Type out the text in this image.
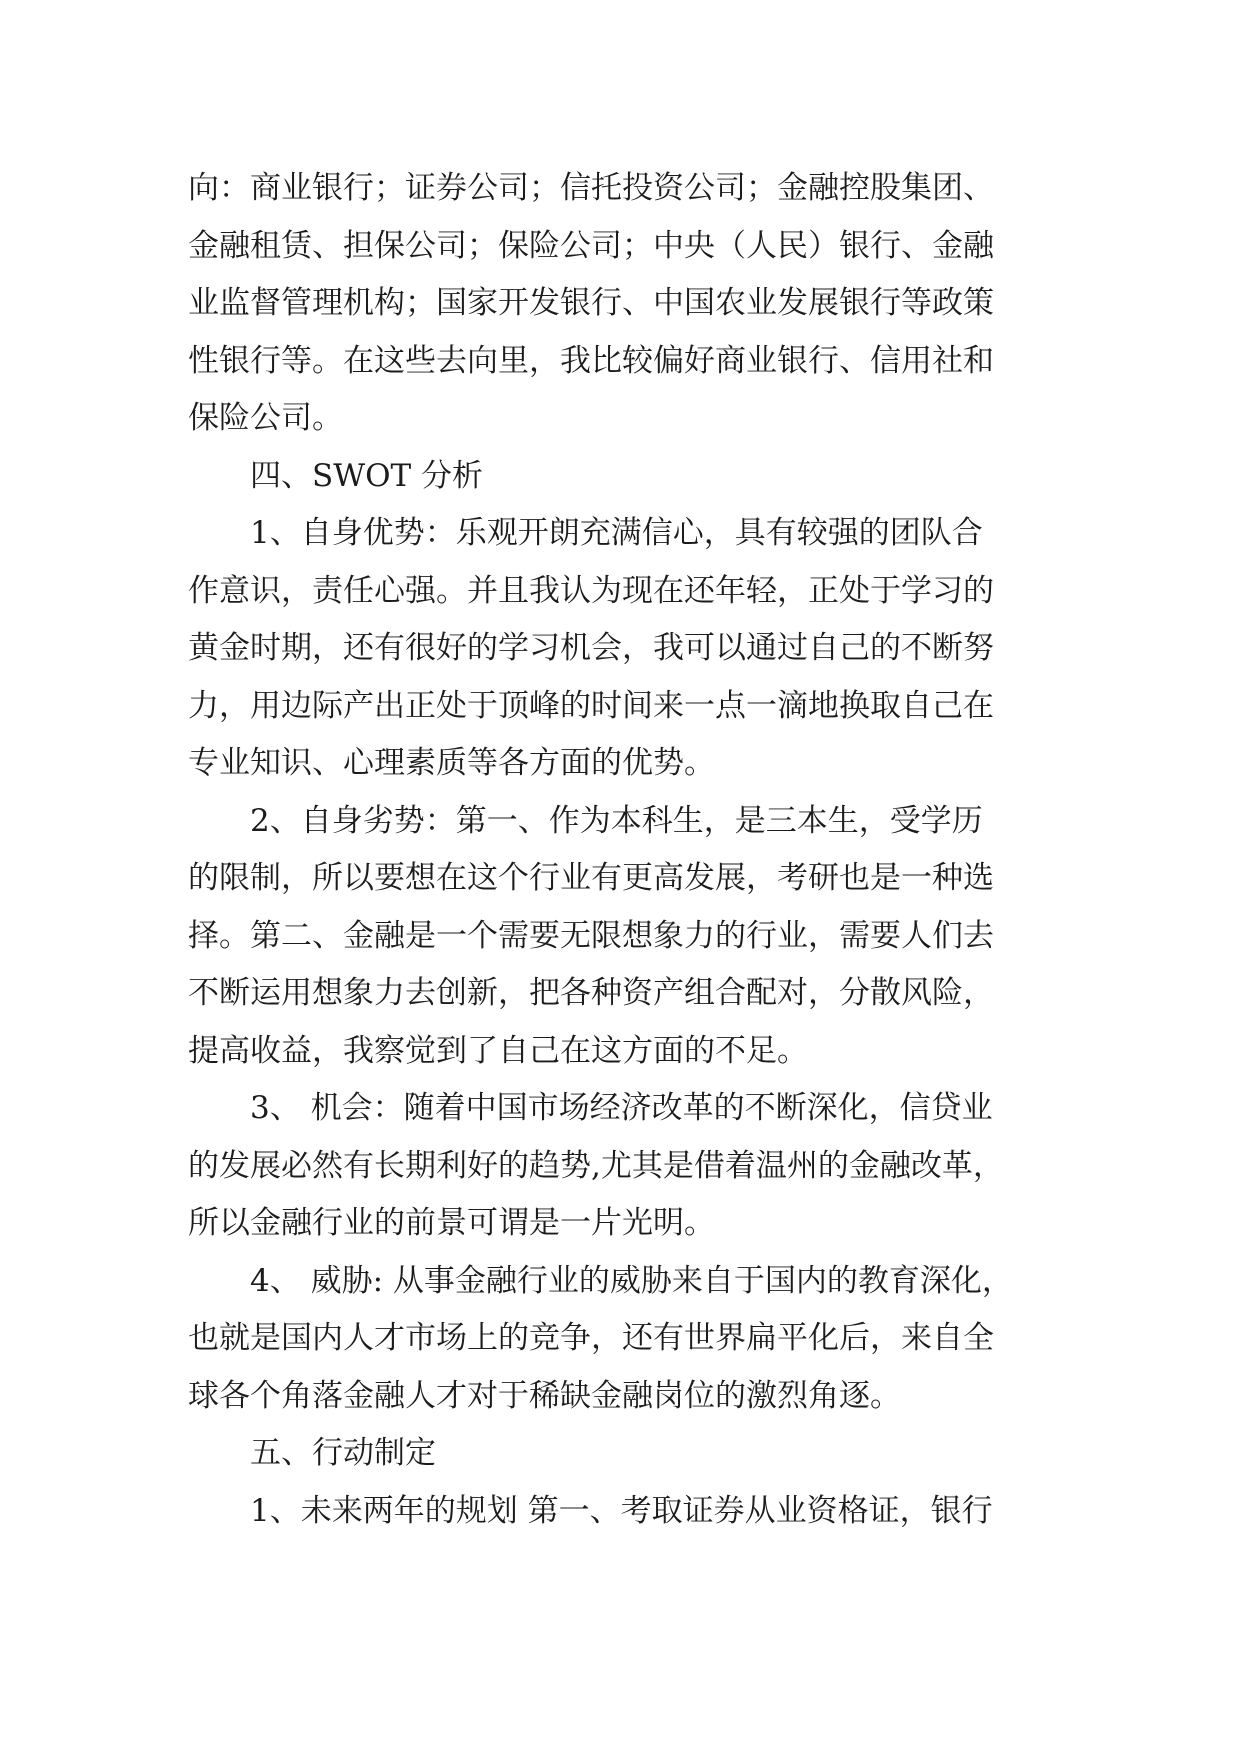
向：商业银行；证券公司；信托投资公司；金融控股集团、
金融租赁、担保公司；保险公司；中央（人民）银行、金融
业监督管理机构；国家开发银行、中国农业发展银行等政策
性银行等。在这些去向里，我比较偏好商业银行、信用社和
保险公司。
四、SWOT 分析
1、自身优势：乐观开朗充满信心，具有较强的团队合
作意识，责任心强。并且我认为现在还年轻，正处于学习的
黄金时期，还有很好的学习机会，我可以通过自己的不断努
力，用边际产出正处于顶峰的时间来一点一滴地换取自己在
专业知识、心理素质等各方面的优势。
2、自身劣势：第一、作为本科生，是三本生，受学历
的限制，所以要想在这个行业有更高发展，考研也是一种选
择。第二、金融是一个需要无限想象力的行业，需要人们去
不断运用想象力去创新，把各种资产组合配对，分散风险，
提高收益，我察觉到了自己在这方面的不足。
3、 机会：随着中国市场经济改革的不断深化，信贷业
的发展必然有长期利好的趋势,尤其是借着温州的金融改革，
所以金融行业的前景可谓是一片光明。
4、 威胁: 从事金融行业的威胁来自于国内的教育深化，
也就是国内人才市场上的竞争，还有世界扁平化后，来自全
球各个角落金融人才对于稀缺金融岗位的激烈角逐。
五、行动制定
1、未来两年的规划 第一、考取证券从业资格证，银行
